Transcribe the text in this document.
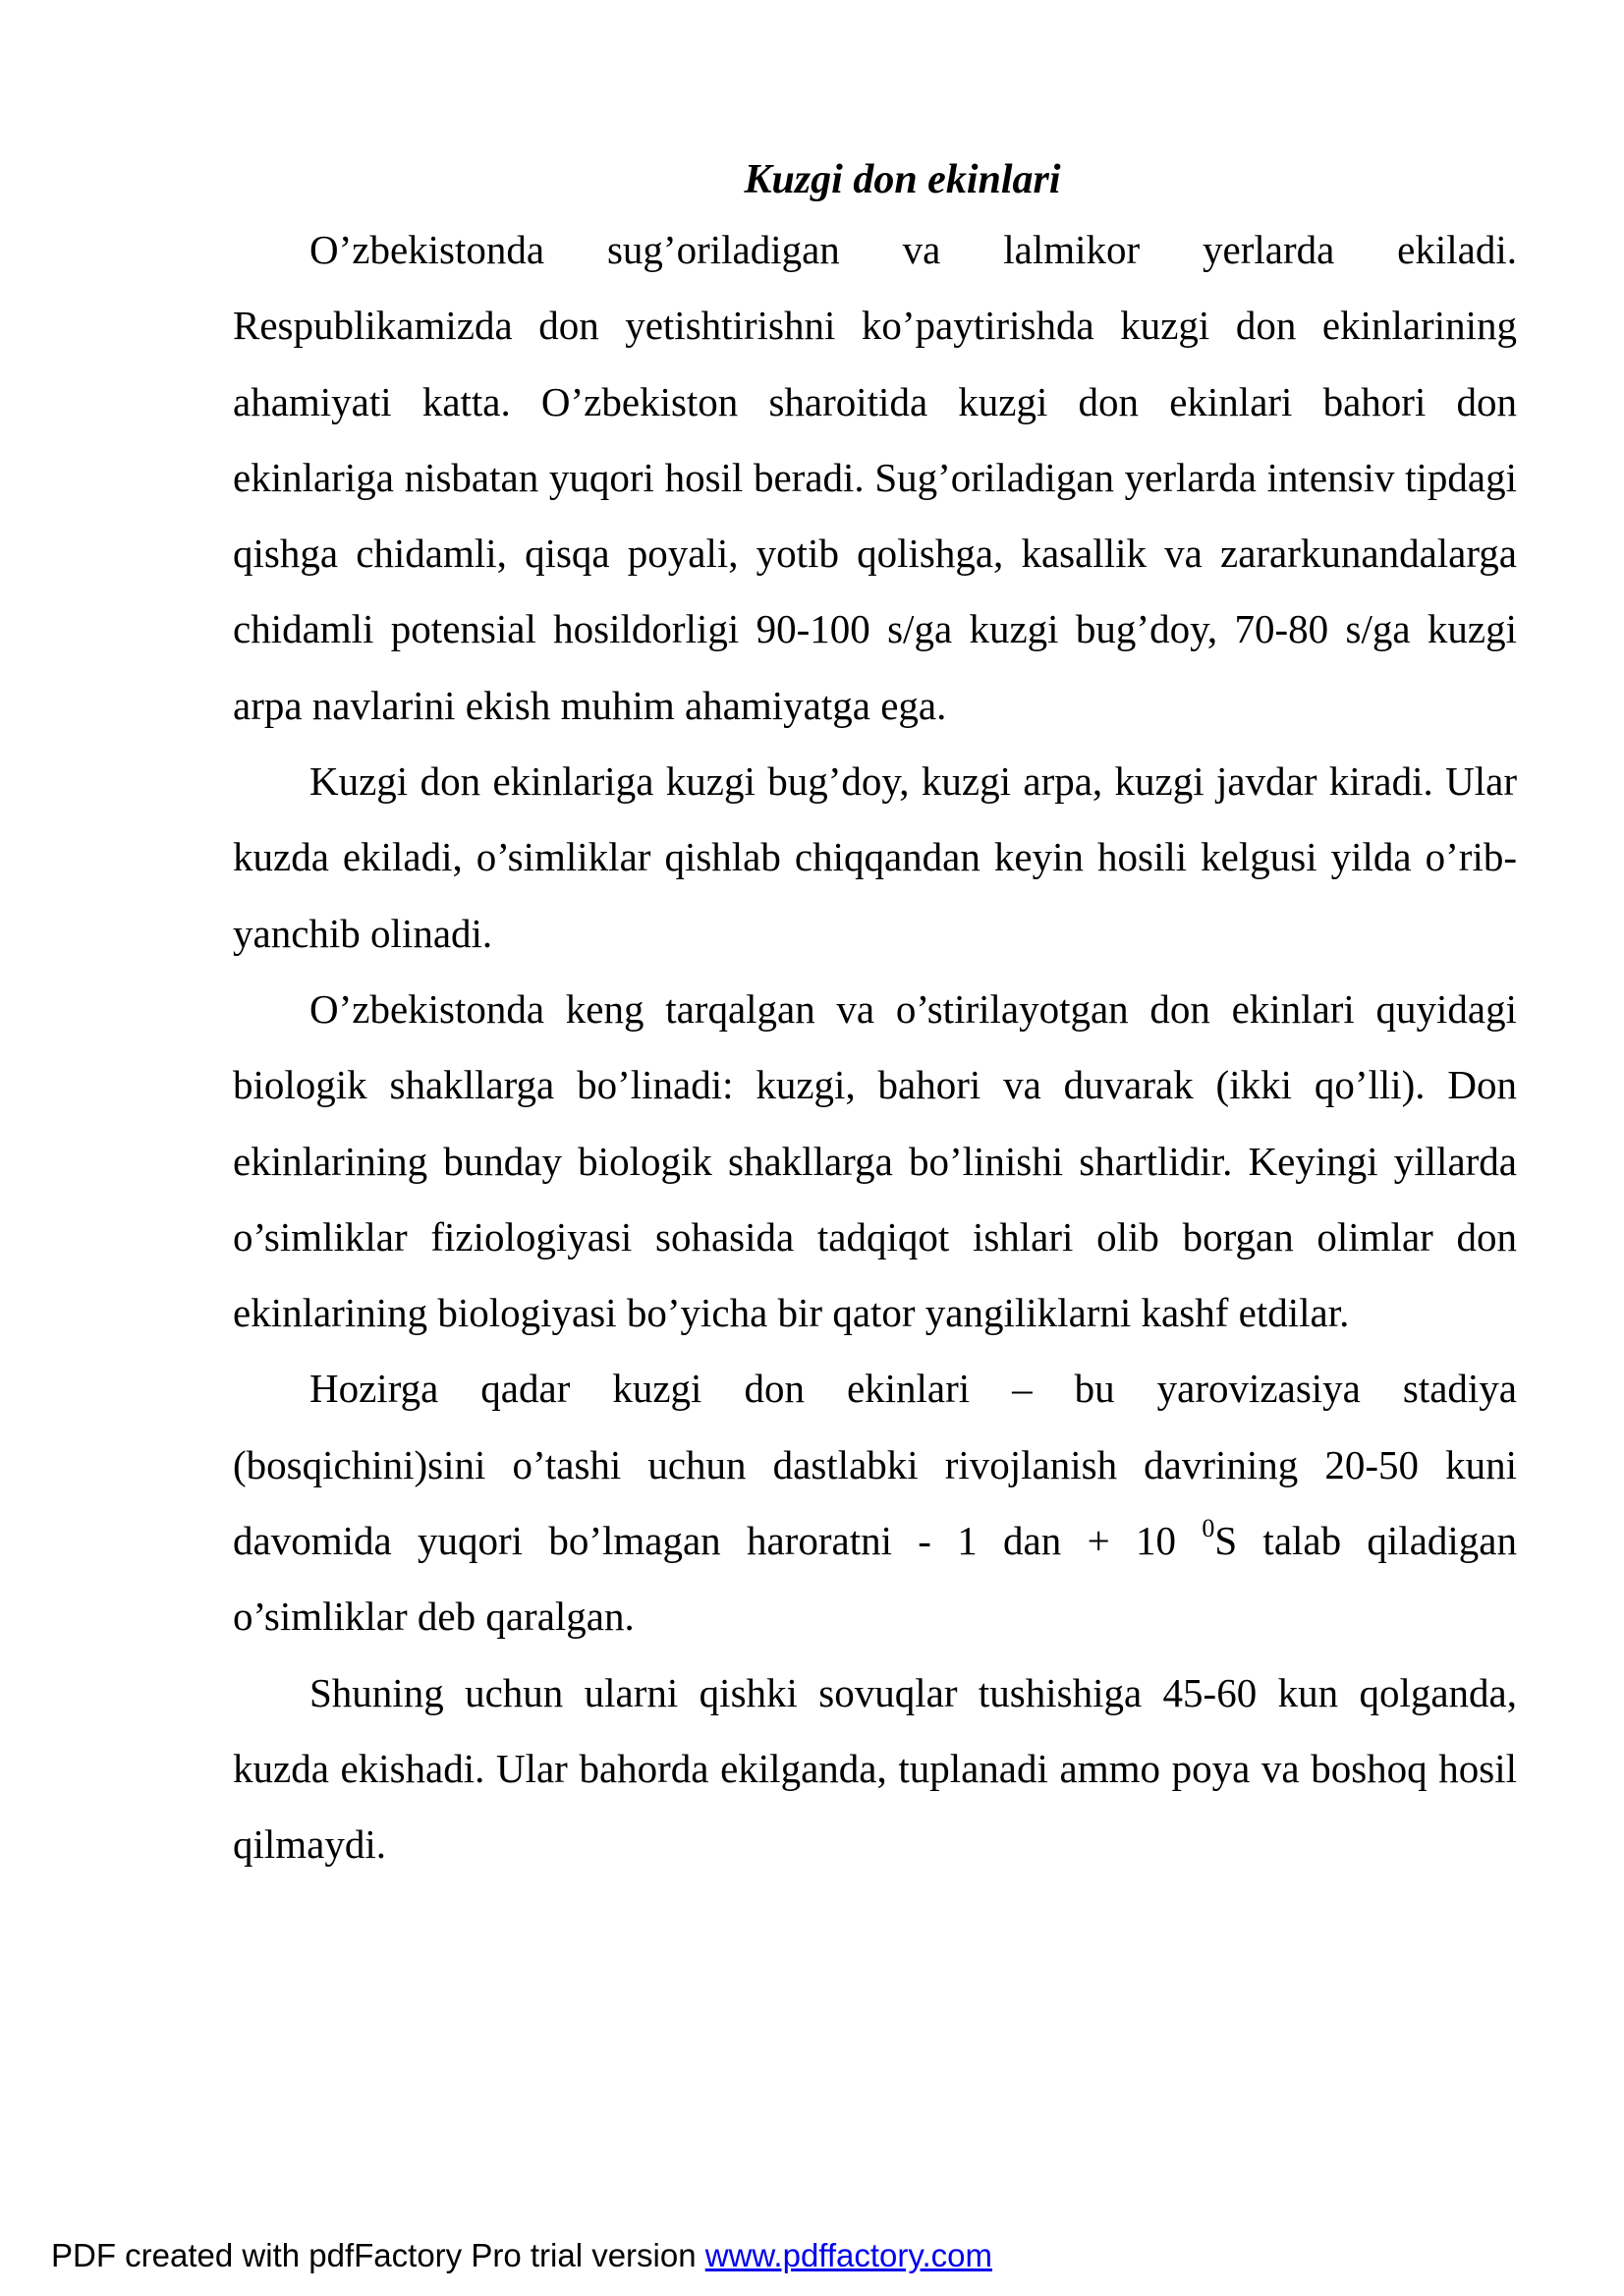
Kuzgi don ekinlari

O’zbekistonda sug’oriladigan va lalmikor yerlarda ekiladi. Respublikamizda don yetishtirishni ko’paytirishda kuzgi don ekinlarining ahamiyati katta. O’zbekiston sharoitida kuzgi don ekinlari bahori don ekinlariga nisbatan yuqori hosil beradi. Sug’oriladigan yerlarda intensiv tipdagi qishga chidamli, qisqa poyali, yotib qolishga, kasallik va zararkunandalarga chidamli potensial hosildorligi 90-100 s/ga kuzgi bug’doy, 70-80 s/ga kuzgi arpa navlarini ekish muhim ahamiyatga ega.

Kuzgi don ekinlariga kuzgi bug’doy, kuzgi arpa, kuzgi javdar kiradi. Ular kuzda ekiladi, o’simliklar qishlab chiqqandan keyin hosili kelgusi yilda o’rib-yanchib olinadi.

O’zbekistonda keng tarqalgan va o’stirilayotgan don ekinlari quyidagi biologik shakllarga bo’linadi: kuzgi, bahori va duvarak (ikki qo’lli). Don ekinlarining bunday biologik shakllarga bo’linishi shartlidir. Keyingi yillarda o’simliklar fiziologiyasi sohasida tadqiqot ishlari olib borgan olimlar don ekinlarining biologiyasi bo’yicha bir qator yangiliklarni kashf etdilar.

Hozirga qadar kuzgi don ekinlari – bu yarovizasiya stadiya (bosqichini)sini o’tashi uchun dastlabki rivojlanish davrining 20-50 kuni davomida yuqori bo’lmagan haroratni - 1 dan + 10 $^0$S talab qiladigan o’simliklar deb qaralgan.

Shuning uchun ularni qishki sovuqlar tushishiga 45-60 kun qolganda, kuzda ekishadi. Ular bahorda ekilganda, tuplanadi ammo poya va boshoq hosil qilmaydi.

PDF created with pdfFactory Pro trial version www.pdffactory.com
